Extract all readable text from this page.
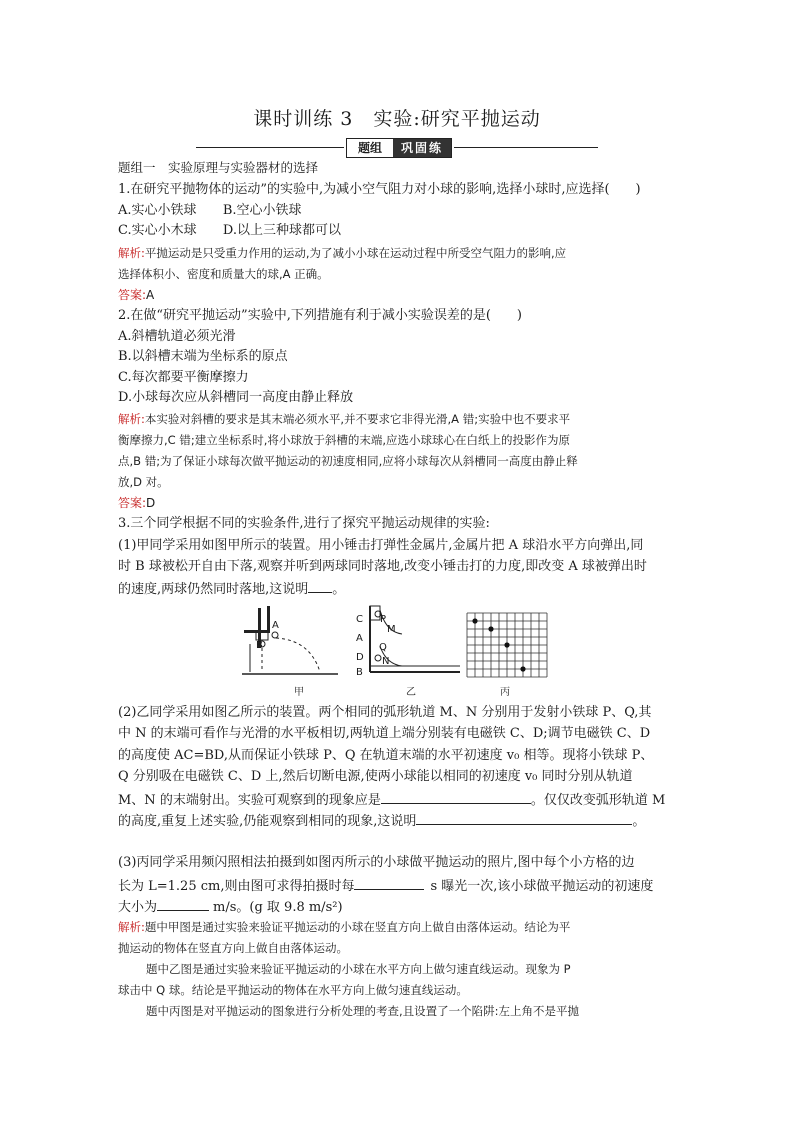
课时训练 3　实验:研究平抛运动
题组	巩固练
题组一　实验原理与实验器材的选择
1.在研究平抛物体的运动”的实验中,为减小空气阻力对小球的影响,选择小球时,应选择(　　)
A.实心小铁球 B.空心小铁球
C.实心小木球 D.以上三种球都可以
解析:平抛运动是只受重力作用的运动,为了减小小球在运动过程中所受空气阻力的影响,应
选择体积小、密度和质量大的球,A 正确。
答案:A
2.在做“研究平抛运动”实验中,下列措施有利于减小实验误差的是(　　)
A.斜槽轨道必须光滑
B.以斜槽末端为坐标系的原点
C.每次都要平衡摩擦力
D.小球每次应从斜槽同一高度由静止释放
解析:本实验对斜槽的要求是其末端必须水平,并不要求它非得光滑,A 错;实验中也不要求平
衡摩擦力,C 错;建立坐标系时,将小球放于斜槽的末端,应选小球球心在白纸上的投影作为原
点,B 错;为了保证小球每次做平抛运动的初速度相同,应将小球每次从斜槽同一高度由静止释
放,D 对。
答案:D
3.三个同学根据不同的实验条件,进行了探究平抛运动规律的实验:
(1)甲同学采用如图甲所示的装置。用小锤击打弹性金属片,金属片把 A 球沿水平方向弹出,同
时 B 球被松开自由下落,观察并听到两球同时落地,改变小锤击打的力度,即改变 A 球被弹出时
的速度,两球仍然同时落地,这说明 。
A
B
甲
C P
M
A
Q
D N
B
乙	丙
(2)乙同学采用如图乙所示的装置。两个相同的弧形轨道 M、N 分别用于发射小铁球 P、Q,其
中 N 的末端可看作与光滑的水平板相切,两轨道上端分别装有电磁铁 C、D;调节电磁铁 C、D
的高度使 AC=BD,从而保证小铁球 P、Q 在轨道末端的水平初速度 v₀ 相等。现将小铁球 P、
Q 分别吸在电磁铁 C、D 上,然后切断电源,使两小球能以相同的初速度 v₀ 同时分别从轨道
M、N 的末端射出。实验可观察到的现象应是	。仅仅改变弧形轨道 M
的高度,重复上述实验,仍能观察到相同的现象,这说明	。
(3)丙同学采用频闪照相法拍摄到如图丙所示的小球做平抛运动的照片,图中每个小方格的边
长为 L=1.25 cm,则由图可求得拍摄时每	s 曝光一次,该小球做平抛运动的初速度
大小为	m/s。(g 取 9.8 m/s²)
解析:题中甲图是通过实验来验证平抛运动的小球在竖直方向上做自由落体运动。结论为平
抛运动的物体在竖直方向上做自由落体运动。
题中乙图是通过实验来验证平抛运动的小球在水平方向上做匀速直线运动。现象为 P
球击中 Q 球。结论是平抛运动的物体在水平方向上做匀速直线运动。
题中丙图是对平抛运动的图象进行分析处理的考查,且设置了一个陷阱:左上角不是平抛
